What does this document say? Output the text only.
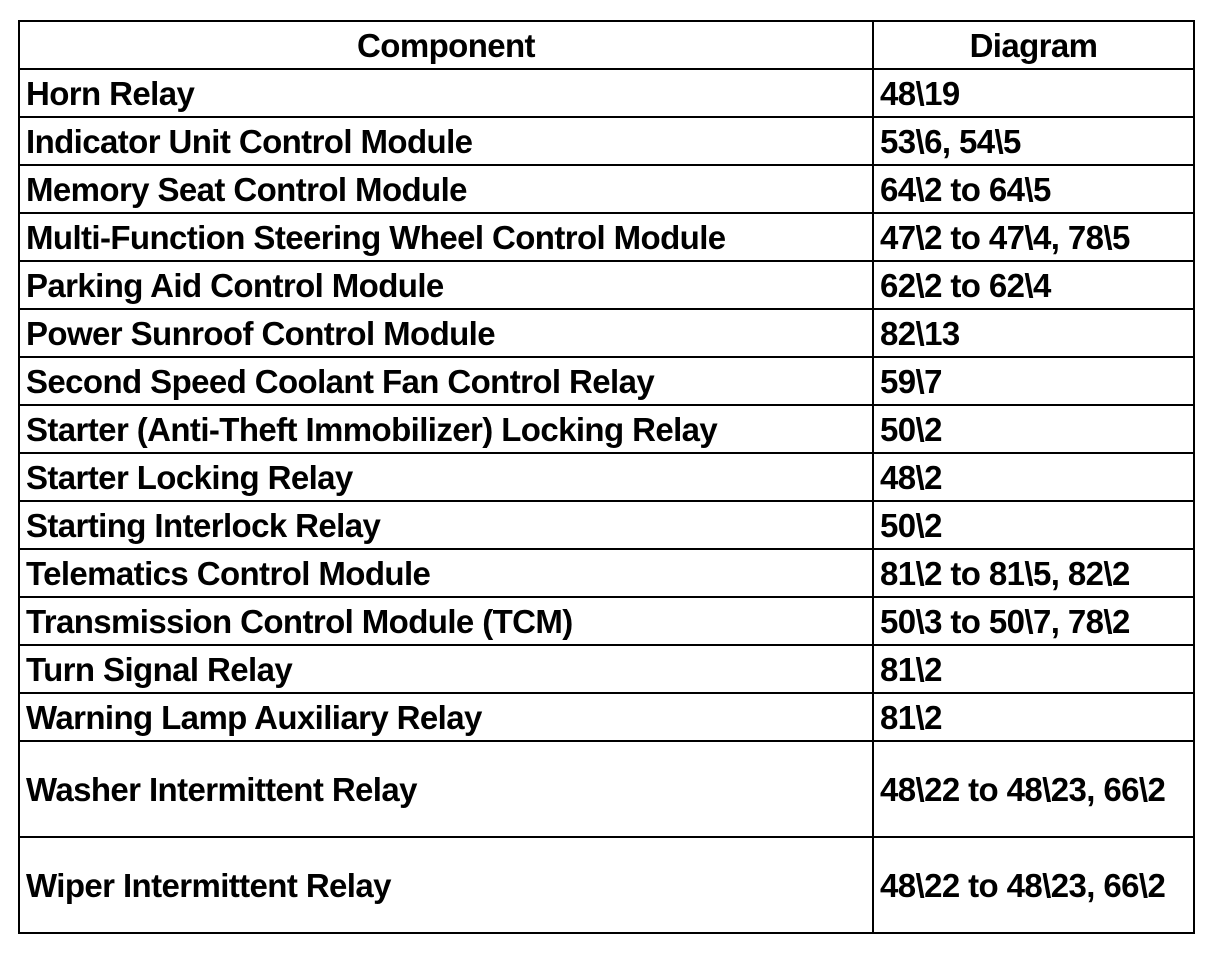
Component	Diagram
Horn Relay	48\19
Indicator Unit Control Module	53\6, 54\5
Memory Seat Control Module	64\2 to 64\5
Multi-Function Steering Wheel Control Module	47\2 to 47\4, 78\5
Parking Aid Control Module	62\2 to 62\4
Power Sunroof Control Module	82\13
Second Speed Coolant Fan Control Relay	59\7
Starter (Anti-Theft Immobilizer) Locking Relay	50\2
Starter Locking Relay	48\2
Starting Interlock Relay	50\2
Telematics Control Module	81\2 to 81\5, 82\2
Transmission Control Module (TCM)	50\3 to 50\7, 78\2
Turn Signal Relay	81\2
Warning Lamp Auxiliary Relay	81\2
Washer Intermittent Relay	48\22 to 48\23, 66\2
Wiper Intermittent Relay	48\22 to 48\23, 66\2
